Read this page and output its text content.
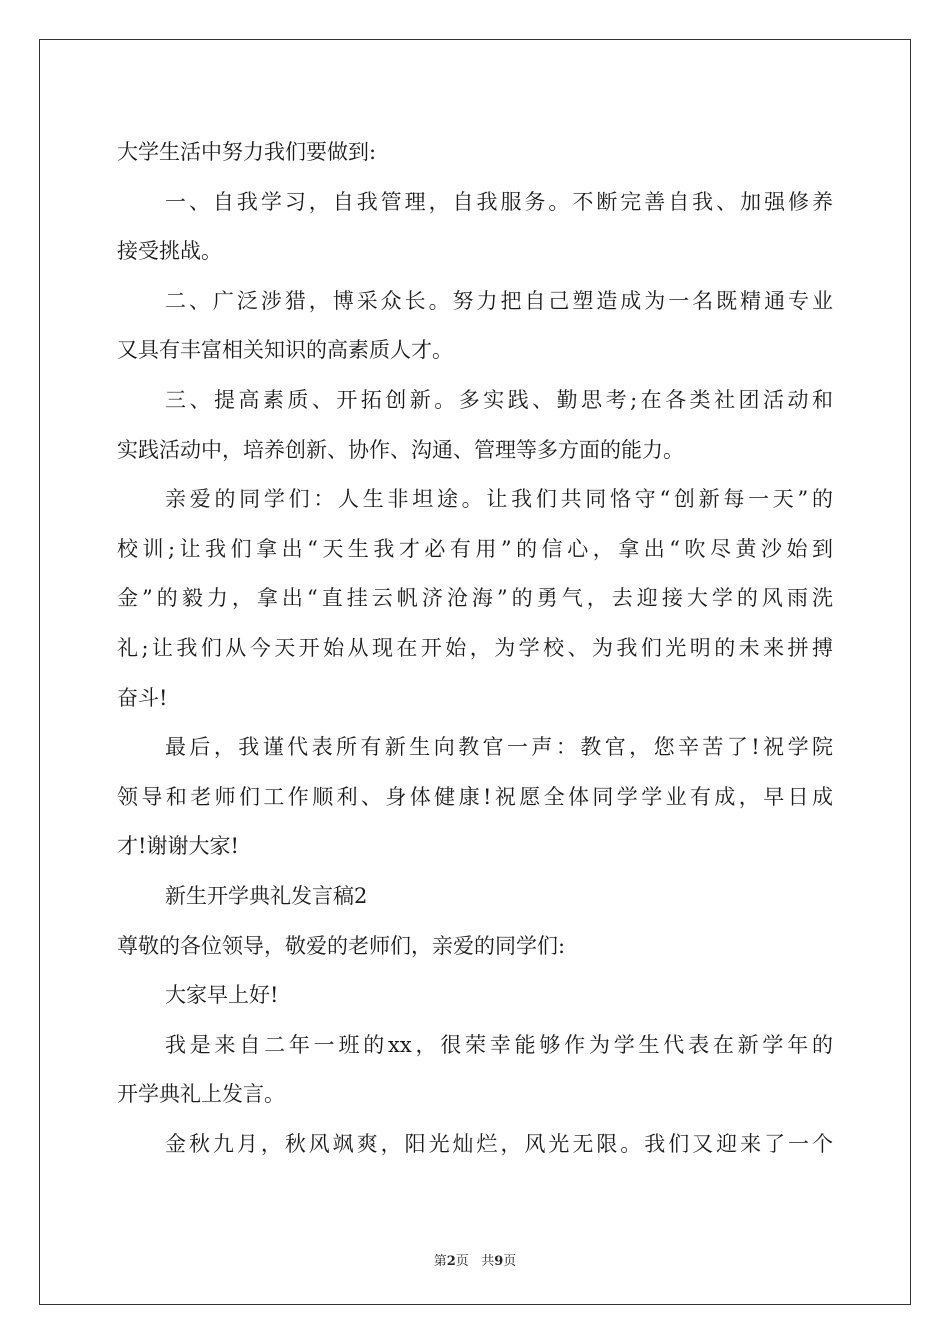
大学生活中努力我们要做到:
一、自我学习，自我管理，自我服务。不断完善自我、加强修养
接受挑战。
二、广泛涉猎，博采众长。努力把自己塑造成为一名既精通专业
又具有丰富相关知识的高素质人才。
三、提高素质、开拓创新。多实践、勤思考;在各类社团活动和
实践活动中，培养创新、协作、沟通、管理等多方面的能力。
亲爱的同学们：人生非坦途。让我们共同恪守“创新每一天”的
校训;让我们拿出“天生我才必有用”的信心，拿出“吹尽黄沙始到
金”的毅力，拿出“直挂云帆济沧海”的勇气，去迎接大学的风雨洗
礼;让我们从今天开始从现在开始，为学校、为我们光明的未来拼搏
奋斗!
最后，我谨代表所有新生向教官一声：教官，您辛苦了!祝学院
领导和老师们工作顺利、身体健康!祝愿全体同学学业有成，早日成
才!谢谢大家!
新生开学典礼发言稿2
尊敬的各位领导，敬爱的老师们，亲爱的同学们:
大家早上好!
我是来自二年一班的xx，很荣幸能够作为学生代表在新学年的
开学典礼上发言。
金秋九月，秋风飒爽，阳光灿烂，风光无限。我们又迎来了一个
第2页 共9页
